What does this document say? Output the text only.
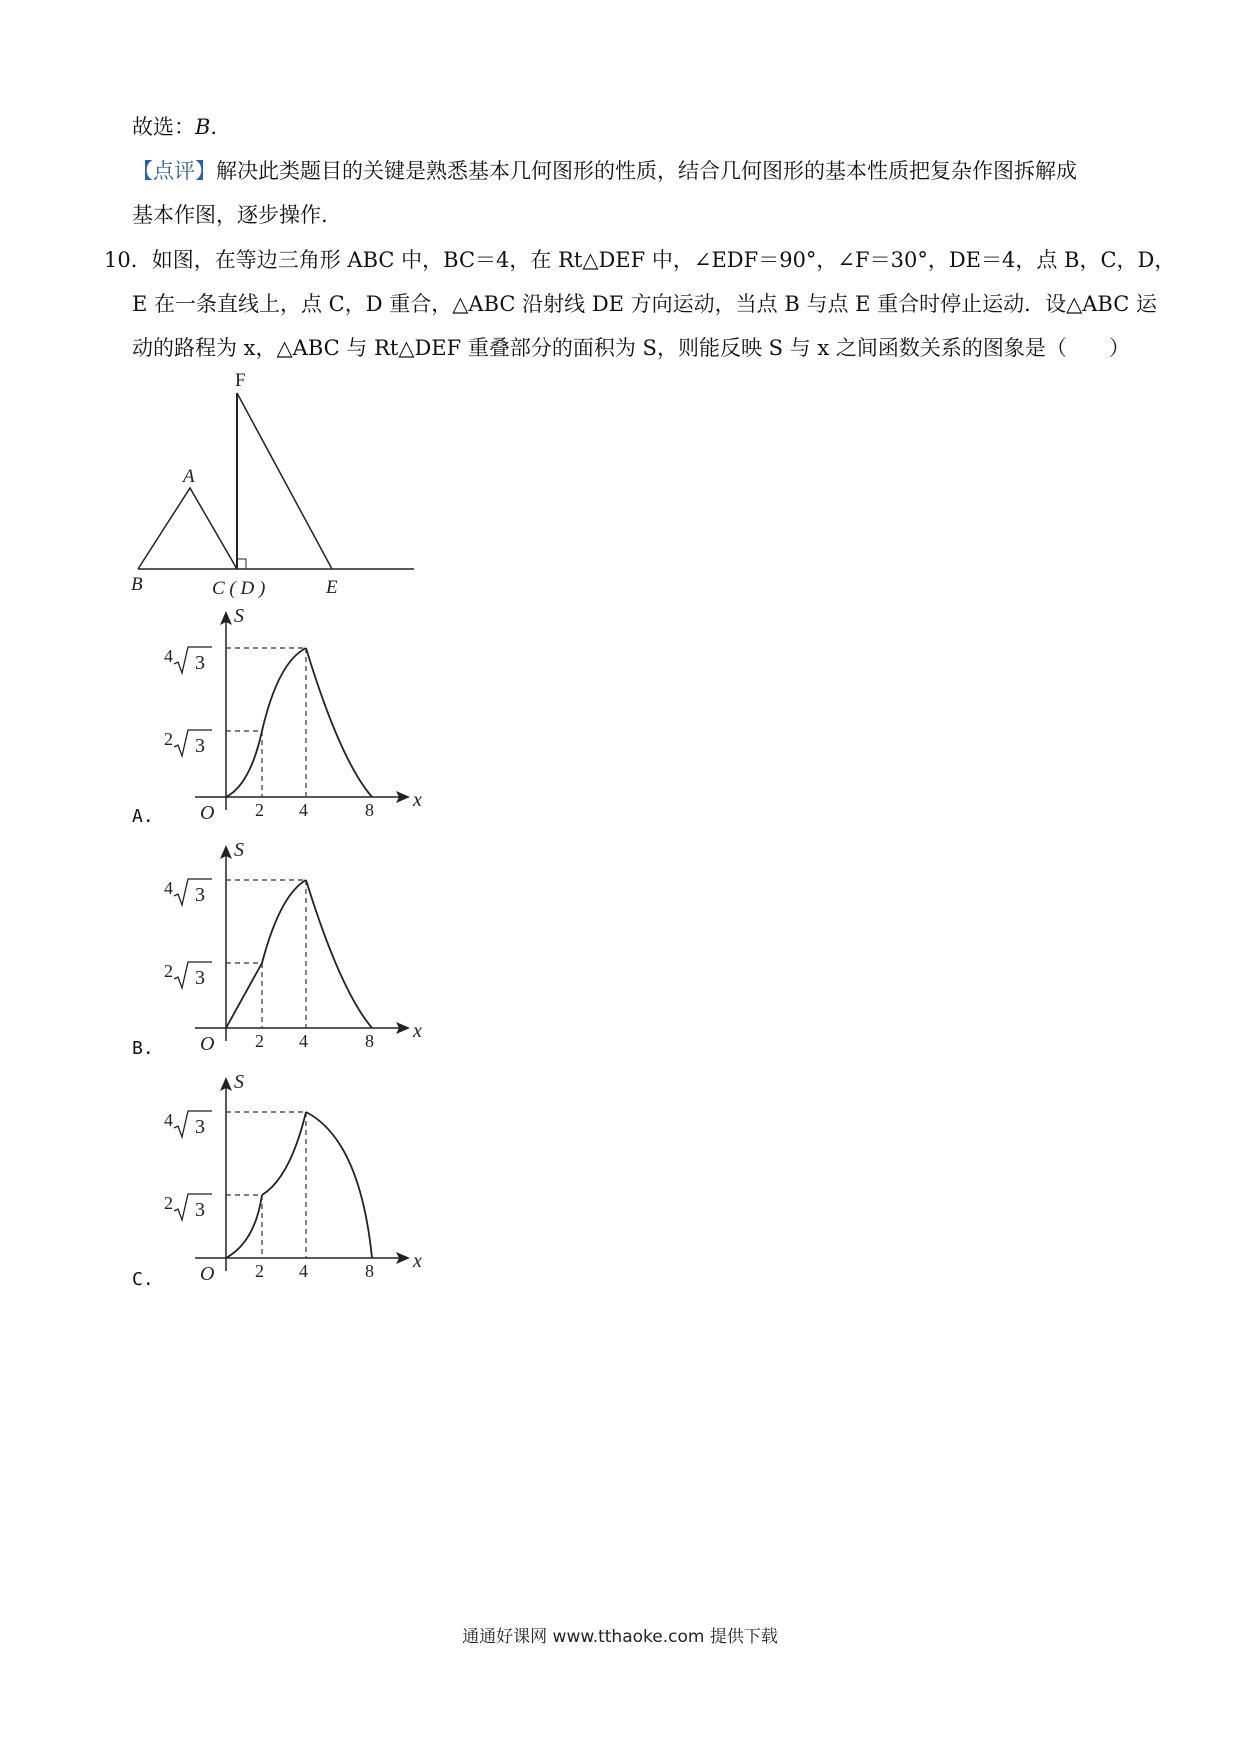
故选：B.
【点评】解决此类题目的关键是熟悉基本几何图形的性质，结合几何图形的基本性质把复杂作图拆解成
基本作图，逐步操作.
10．如图，在等边三角形 ABC 中，BC＝4，在 Rt△DEF 中，∠EDF＝90°，∠F＝30°，DE＝4，点 B，C，D，
E 在一条直线上，点 C，D 重合，△ABC 沿射线 DE 方向运动，当点 B 与点 E 重合时停止运动．设△ABC 运
动的路程为 x，△ABC 与 Rt△DEF 重叠部分的面积为 S，则能反映 S 与 x 之间函数关系的图象是（　　）
F
A
B	C ( D )	E
S
x
O 2 4	8
4 3
2 3
A.
S
x
O 2 4	8
4 3
2 3
B.
S
x
O 2 4	8
4 3
2 3
C.
通通好课网 www.tthaoke.com 提供下载
